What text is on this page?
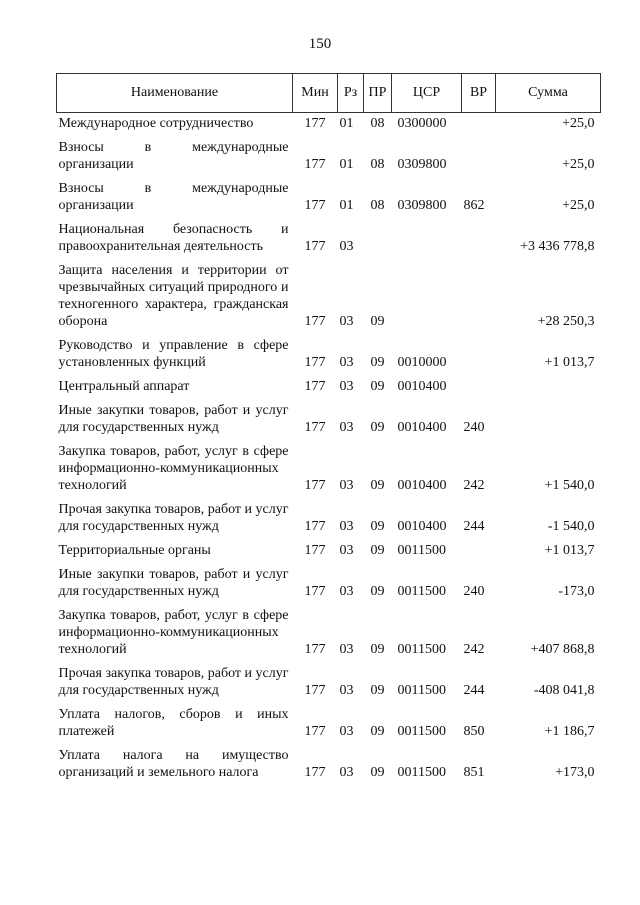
150
Наименование	Мин	Рз	ПР	ЦСР	ВР	Сумма
Международное сотрудничество	177	01	08	0300000		+25,0
Взносы в международные организации	177	01	08	0309800		+25,0
Взносы в международные организации	177	01	08	0309800	862	+25,0
Национальная безопасность и правоохранительная деятельность	177	03				+3 436 778,8
Защита населения и территории от чрезвычайных ситуаций природного и техногенного характера, гражданская оборона	177	03	09			+28 250,3
Руководство и управление в сфере установленных функций	177	03	09	0010000		+1 013,7
Центральный аппарат	177	03	09	0010400		
Иные закупки товаров, работ и услуг для государственных нужд	177	03	09	0010400	240	
Закупка товаров, работ, услуг в сфере информационно-коммуникационных технологий	177	03	09	0010400	242	+1 540,0
Прочая закупка товаров, работ и услуг для государственных нужд	177	03	09	0010400	244	-1 540,0
Территориальные органы	177	03	09	0011500		+1 013,7
Иные закупки товаров, работ и услуг для государственных нужд	177	03	09	0011500	240	-173,0
Закупка товаров, работ, услуг в сфере информационно-коммуникационных технологий	177	03	09	0011500	242	+407 868,8
Прочая закупка товаров, работ и услуг для государственных нужд	177	03	09	0011500	244	-408 041,8
Уплата налогов, сборов и иных платежей	177	03	09	0011500	850	+1 186,7
Уплата налога на имущество организаций и земельного налога	177	03	09	0011500	851	+173,0
